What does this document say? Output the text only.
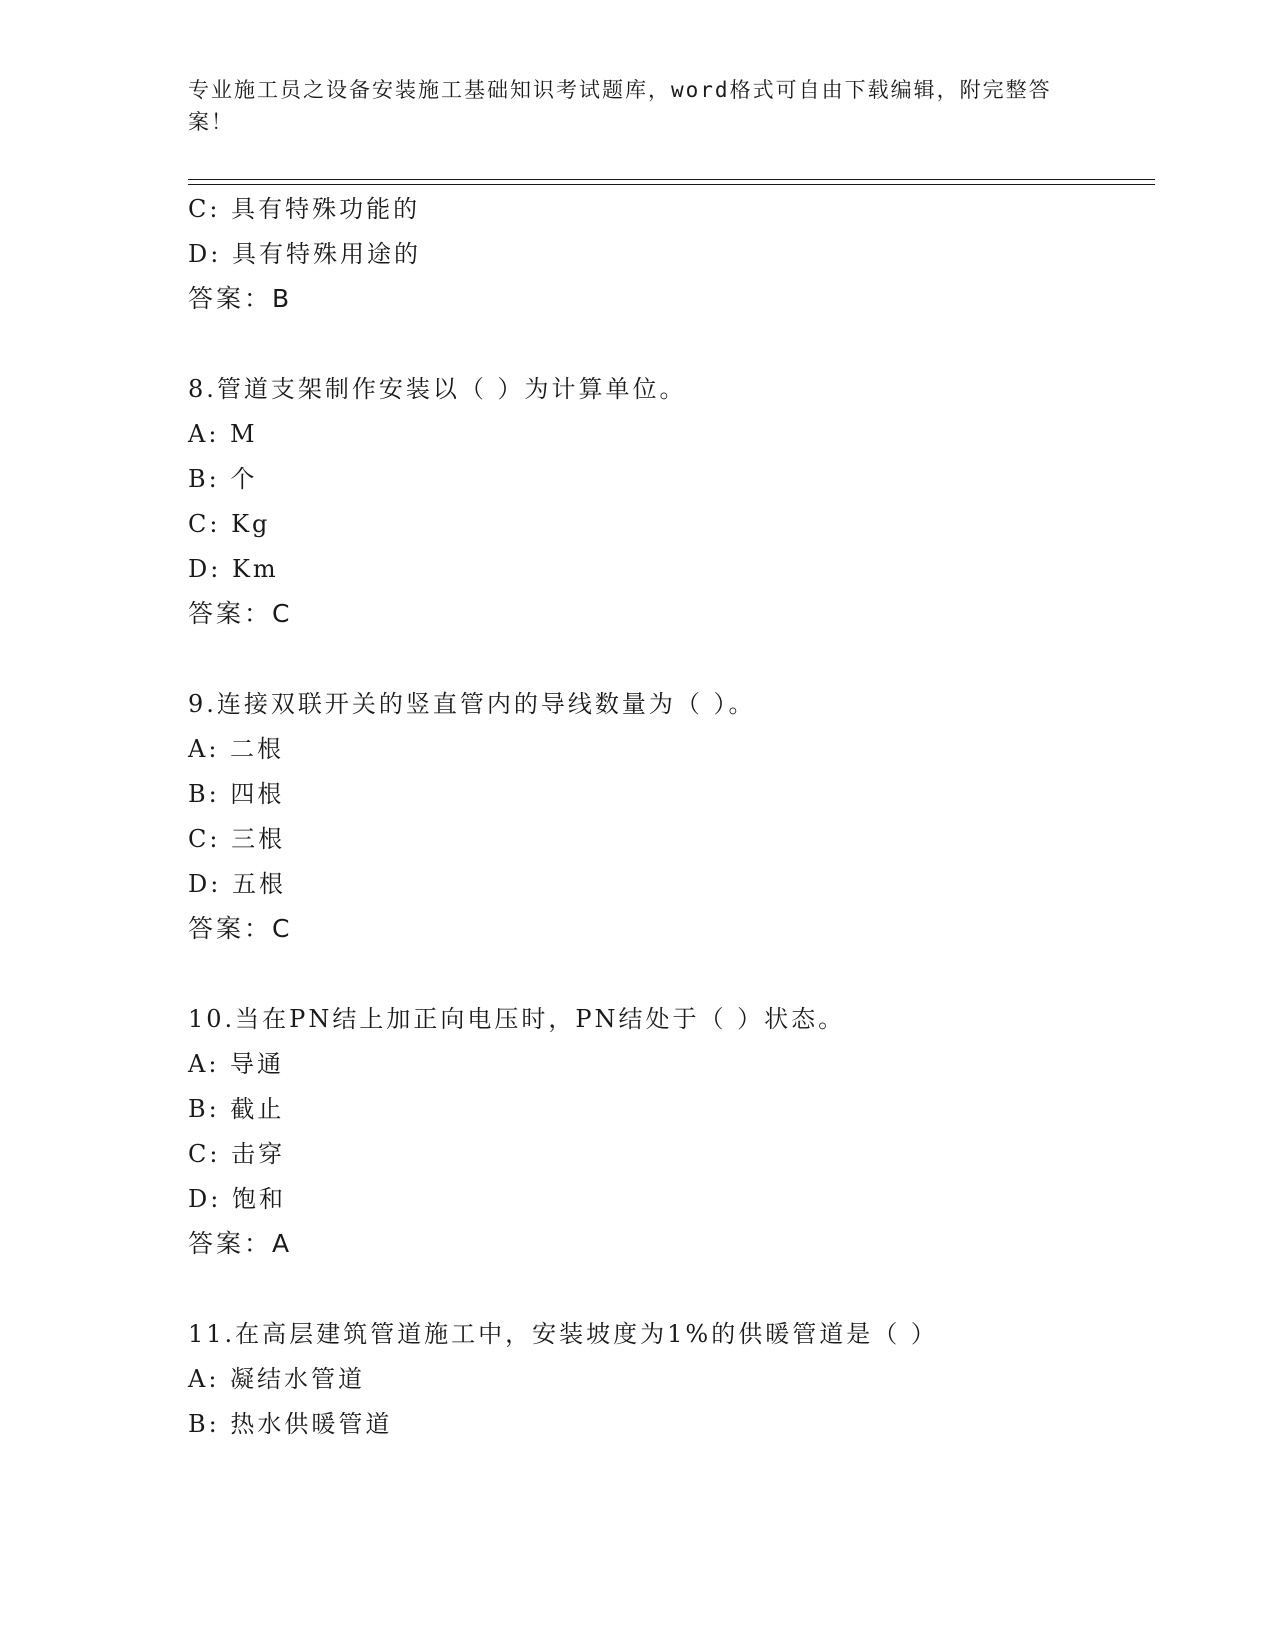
专业施工员之设备安装施工基础知识考试题库，word格式可自由下载编辑，附完整答案！
C: 具有特殊功能的
D: 具有特殊用途的
答案：B
8.管道支架制作安装以（ ）为计算单位。
A: M
B: 个
C: Kg
D: Km
答案：C
9.连接双联开关的竖直管内的导线数量为（ ）。
A: 二根
B: 四根
C: 三根
D: 五根
答案：C
10.当在PN结上加正向电压时，PN结处于（ ）状态。
A: 导通
B: 截止
C: 击穿
D: 饱和
答案：A
11.在高层建筑管道施工中，安装坡度为1%的供暖管道是（ ）
A: 凝结水管道
B: 热水供暖管道
